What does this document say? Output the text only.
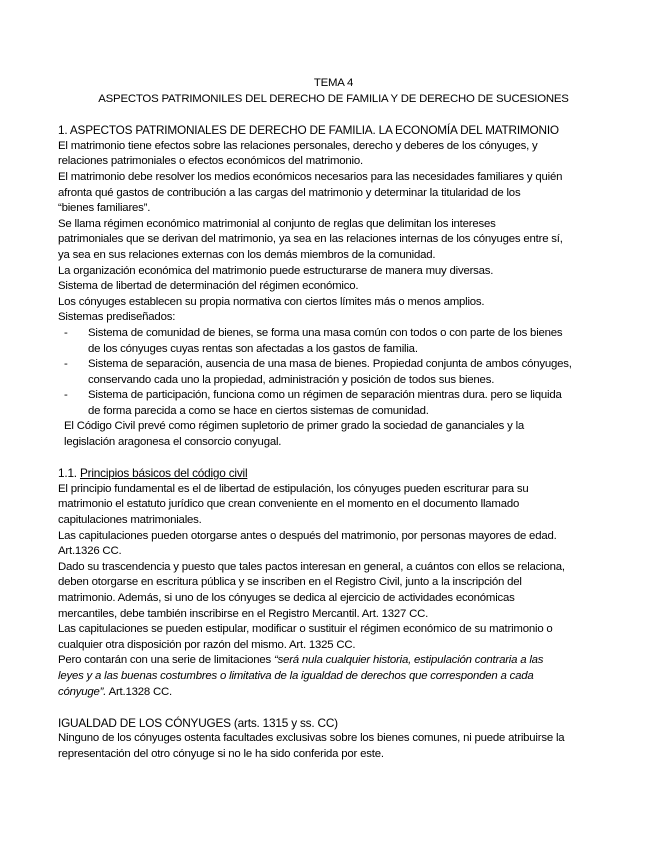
TEMA 4
ASPECTOS PATRIMONILES DEL DERECHO DE FAMILIA Y DE DERECHO DE SUCESIONES
1. ASPECTOS PATRIMONIALES DE DERECHO DE FAMILIA. LA ECONOMÍA DEL MATRIMONIO
El matrimonio tiene efectos sobre las relaciones personales, derecho y deberes de los cónyuges, y
relaciones patrimoniales o efectos económicos del matrimonio.
El matrimonio debe resolver los medios económicos necesarios para las necesidades familiares y quién
afronta qué gastos de contribución a las cargas del matrimonio y determinar la titularidad de los
“bienes familiares”.
Se llama régimen económico matrimonial al conjunto de reglas que delimitan los intereses
patrimoniales que se derivan del matrimonio, ya sea en las relaciones internas de los cónyuges entre sí,
ya sea en sus relaciones externas con los demás miembros de la comunidad.
La organización económica del matrimonio puede estructurarse de manera muy diversas.
Sistema de libertad de determinación del régimen económico.
Los cónyuges establecen su propia normativa con ciertos límites más o menos amplios.
Sistemas prediseñados:
-	Sistema de comunidad de bienes, se forma una masa común con todos o con parte de los bienes
de los cónyuges cuyas rentas son afectadas a los gastos de familia.
-	Sistema de separación, ausencia de una masa de bienes. Propiedad conjunta de ambos cónyuges,
conservando cada uno la propiedad, administración y posición de todos sus bienes.
-	Sistema de participación, funciona como un régimen de separación mientras dura. pero se liquida
de forma parecida a como se hace en ciertos sistemas de comunidad.
El Código Civil prevé como régimen supletorio de primer grado la sociedad de gananciales y la
legislación aragonesa el consorcio conyugal.
1.1. Principios básicos del código civil
El principio fundamental es el de libertad de estipulación, los cónyuges pueden escriturar para su
matrimonio el estatuto jurídico que crean conveniente en el momento en el documento llamado
capitulaciones matrimoniales.
Las capitulaciones pueden otorgarse antes o después del matrimonio, por personas mayores de edad.
Art.1326 CC.
Dado su trascendencia y puesto que tales pactos interesan en general, a cuántos con ellos se relaciona,
deben otorgarse en escritura pública y se inscriben en el Registro Civil, junto a la inscripción del
matrimonio. Además, si uno de los cónyuges se dedica al ejercicio de actividades económicas
mercantiles, debe también inscribirse en el Registro Mercantil. Art. 1327 CC.
Las capitulaciones se pueden estipular, modificar o sustituir el régimen económico de su matrimonio o
cualquier otra disposición por razón del mismo. Art. 1325 CC.
Pero contarán con una serie de limitaciones “será nula cualquier historia, estipulación contraria a las
leyes y a las buenas costumbres o limitativa de la igualdad de derechos que corresponden a cada
cónyuge”. Art.1328 CC.
IGUALDAD DE LOS CÓNYUGES (arts. 1315 y ss. CC)
Ninguno de los cónyuges ostenta facultades exclusivas sobre los bienes comunes, ni puede atribuirse la
representación del otro cónyuge si no le ha sido conferida por este.
